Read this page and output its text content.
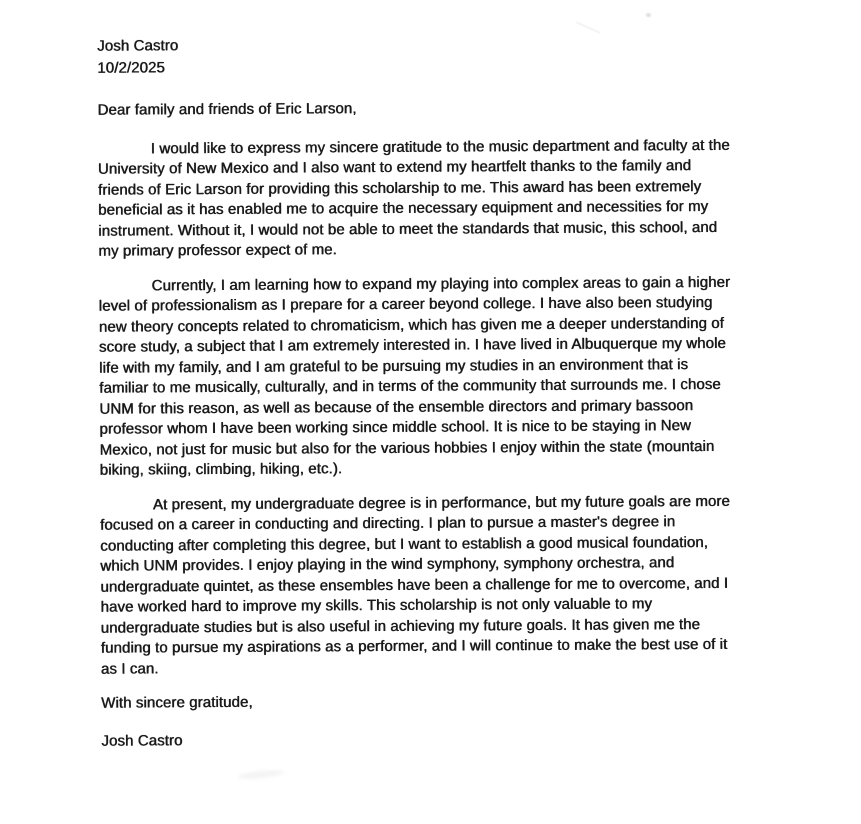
Josh Castro
10/2/2025
Dear family and friends of Eric Larson,

I would like to express my sincere gratitude to the music department and faculty at the
University of New Mexico and I also want to extend my heartfelt thanks to the family and
friends of Eric Larson for providing this scholarship to me. This award has been extremely
beneficial as it has enabled me to acquire the necessary equipment and necessities for my
instrument. Without it, I would not be able to meet the standards that music, this school, and
my primary professor expect of me.

Currently, I am learning how to expand my playing into complex areas to gain a higher
level of professionalism as I prepare for a career beyond college. I have also been studying
new theory concepts related to chromaticism, which has given me a deeper understanding of
score study, a subject that I am extremely interested in. I have lived in Albuquerque my whole
life with my family, and I am grateful to be pursuing my studies in an environment that is
familiar to me musically, culturally, and in terms of the community that surrounds me. I chose
UNM for this reason, as well as because of the ensemble directors and primary bassoon
professor whom I have been working since middle school. It is nice to be staying in New
Mexico, not just for music but also for the various hobbies I enjoy within the state (mountain
biking, skiing, climbing, hiking, etc.).

At present, my undergraduate degree is in performance, but my future goals are more
focused on a career in conducting and directing. I plan to pursue a master's degree in
conducting after completing this degree, but I want to establish a good musical foundation,
which UNM provides. I enjoy playing in the wind symphony, symphony orchestra, and
undergraduate quintet, as these ensembles have been a challenge for me to overcome, and I
have worked hard to improve my skills. This scholarship is not only valuable to my
undergraduate studies but is also useful in achieving my future goals. It has given me the
funding to pursue my aspirations as a performer, and I will continue to make the best use of it
as I can.

With sincere gratitude,
Josh Castro
